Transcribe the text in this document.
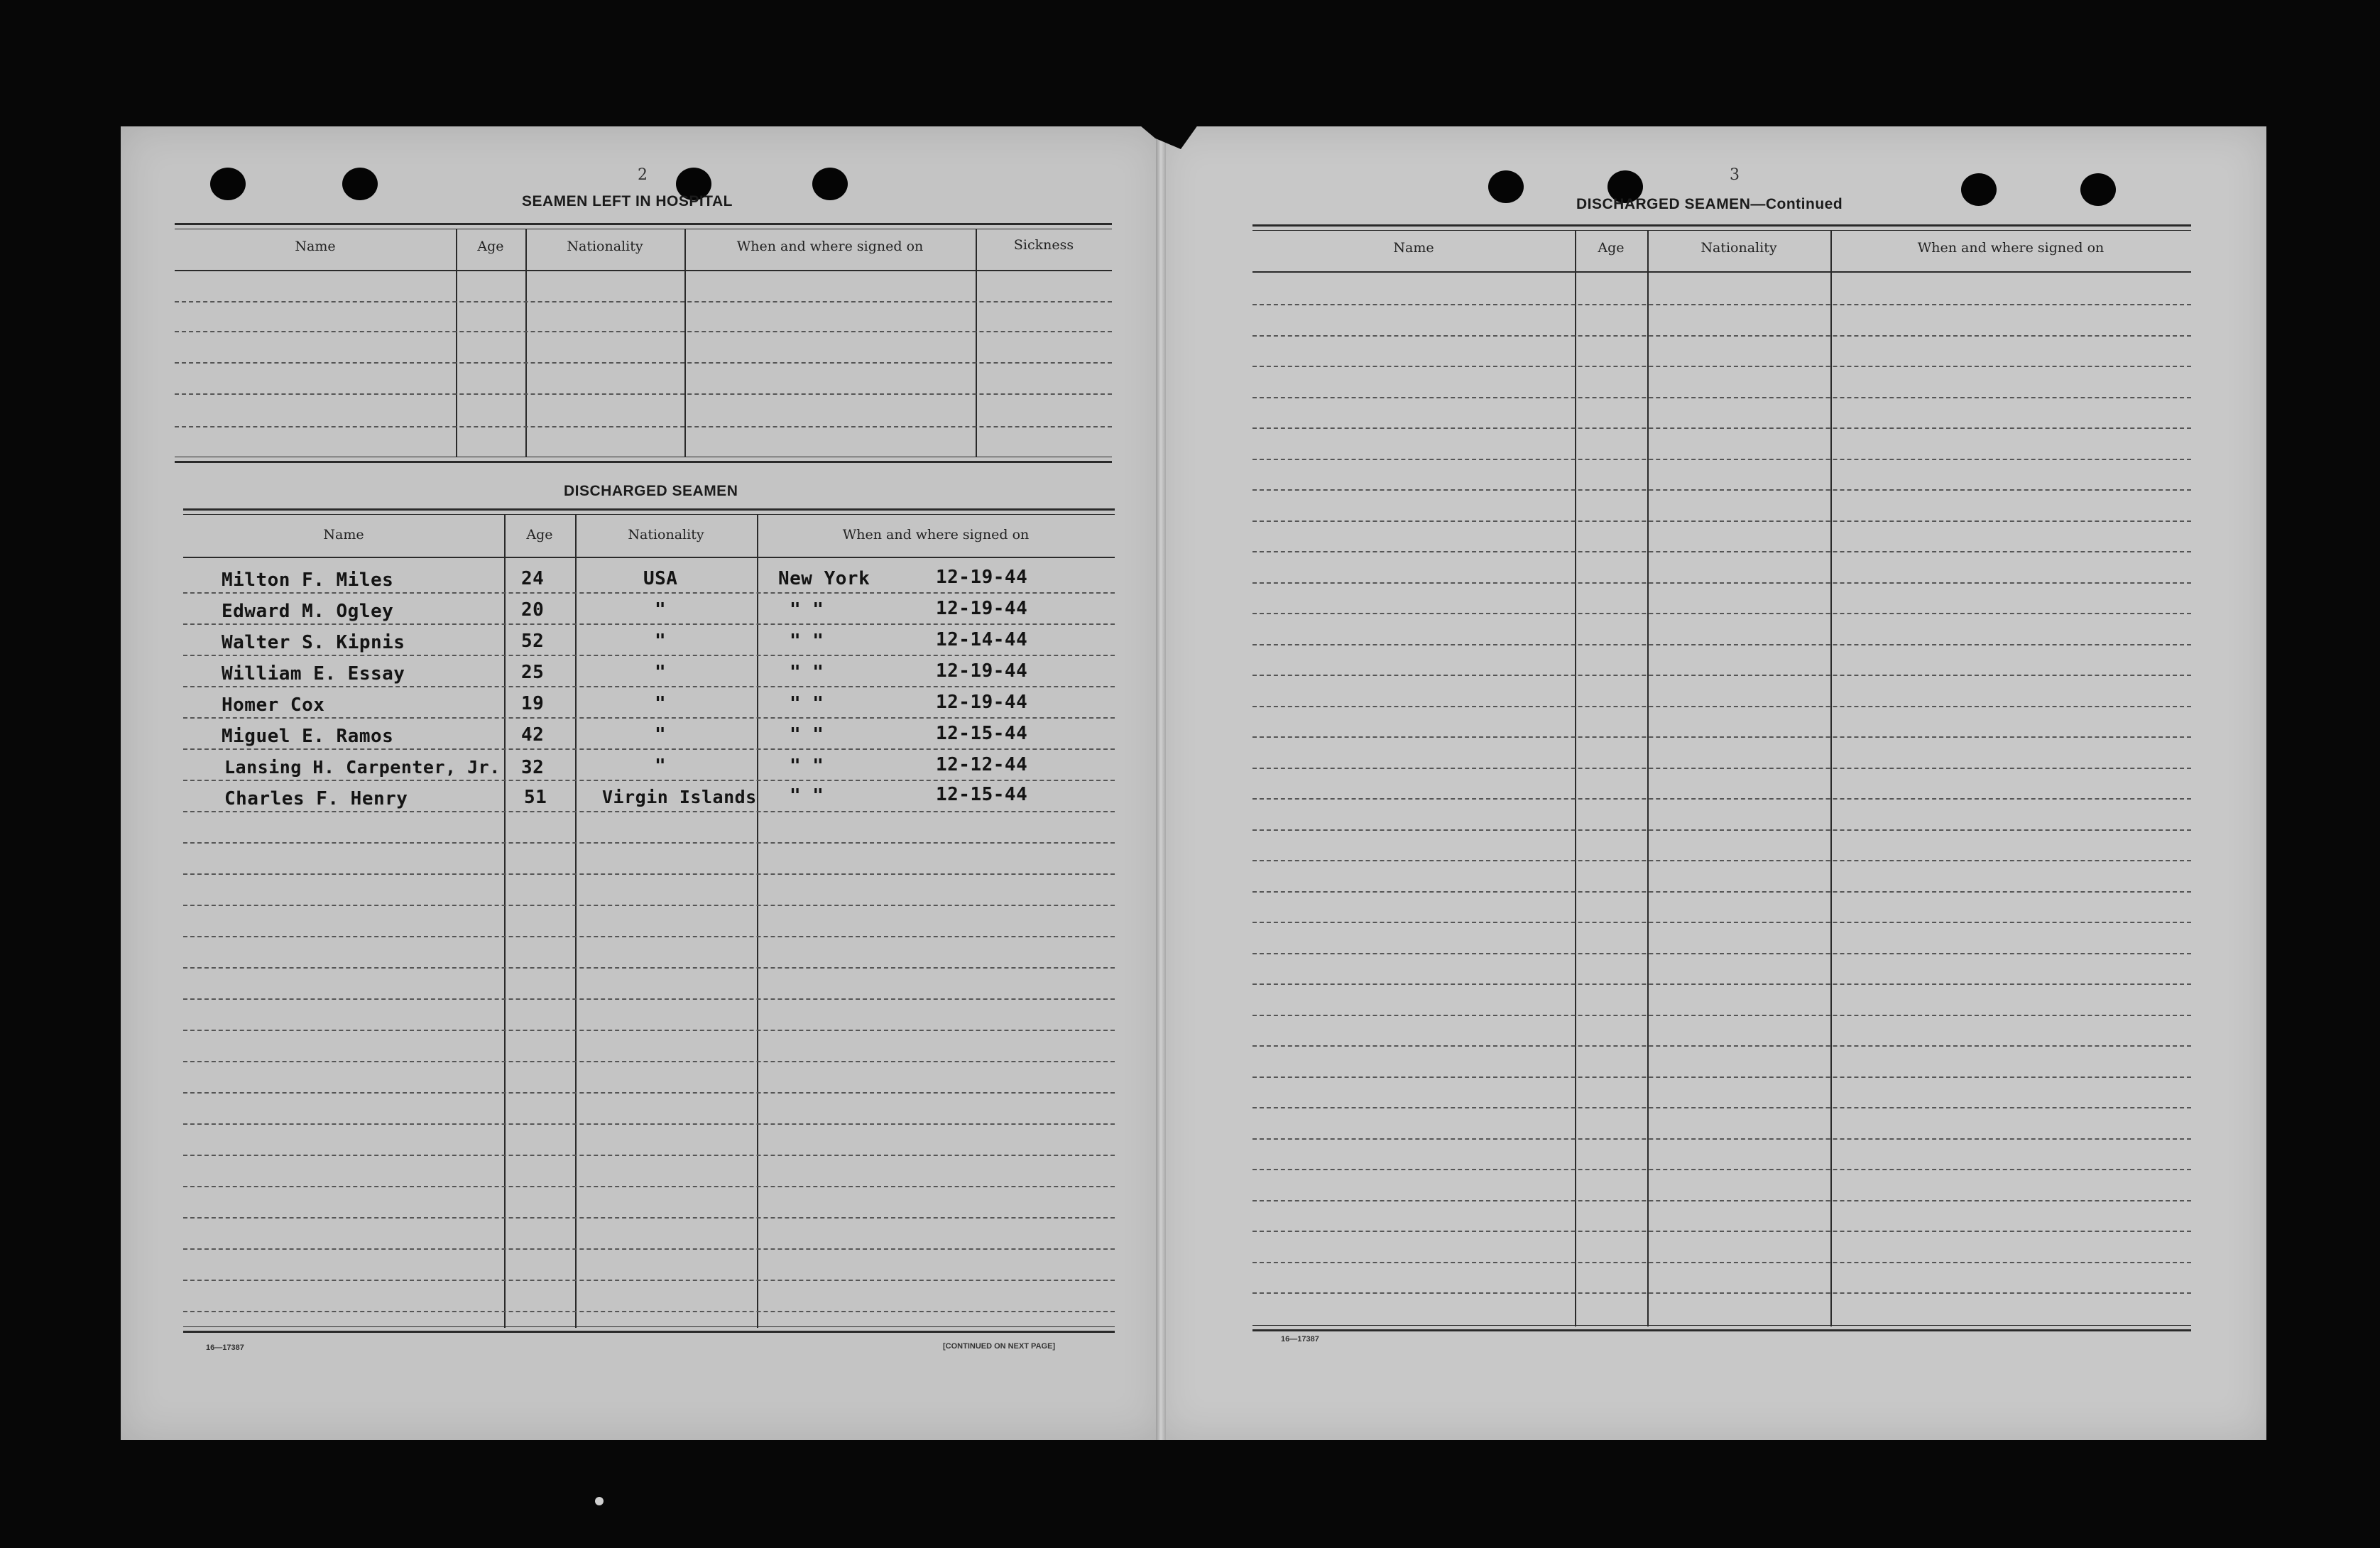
2
SEAMEN LEFT IN HOSPITAL
Name	Age	Nationality	When and where signed on	Sickness
DISCHARGED SEAMEN
Name	Age	Nationality	When and where signed on
Milton F. Miles	24	USA	New York	12-19-44
Edward M. Ogley	20	"	" "	12-19-44
Walter S. Kipnis	52	"	" "	12-14-44
William E. Essay	25	"	" "	12-19-44
Homer Cox	19	"	" "	12-19-44
Miguel E. Ramos	42	"	" "	12-15-44
Lansing H. Carpenter, Jr. 32	"	" "	12-12-44
Charles F. Henry	51	Virgin Islands " "	12-15-44
16—17387	[CONTINUED ON NEXT PAGE]
3
DISCHARGED SEAMEN—Continued
Name	Age	Nationality	When and where signed on
16—17387
